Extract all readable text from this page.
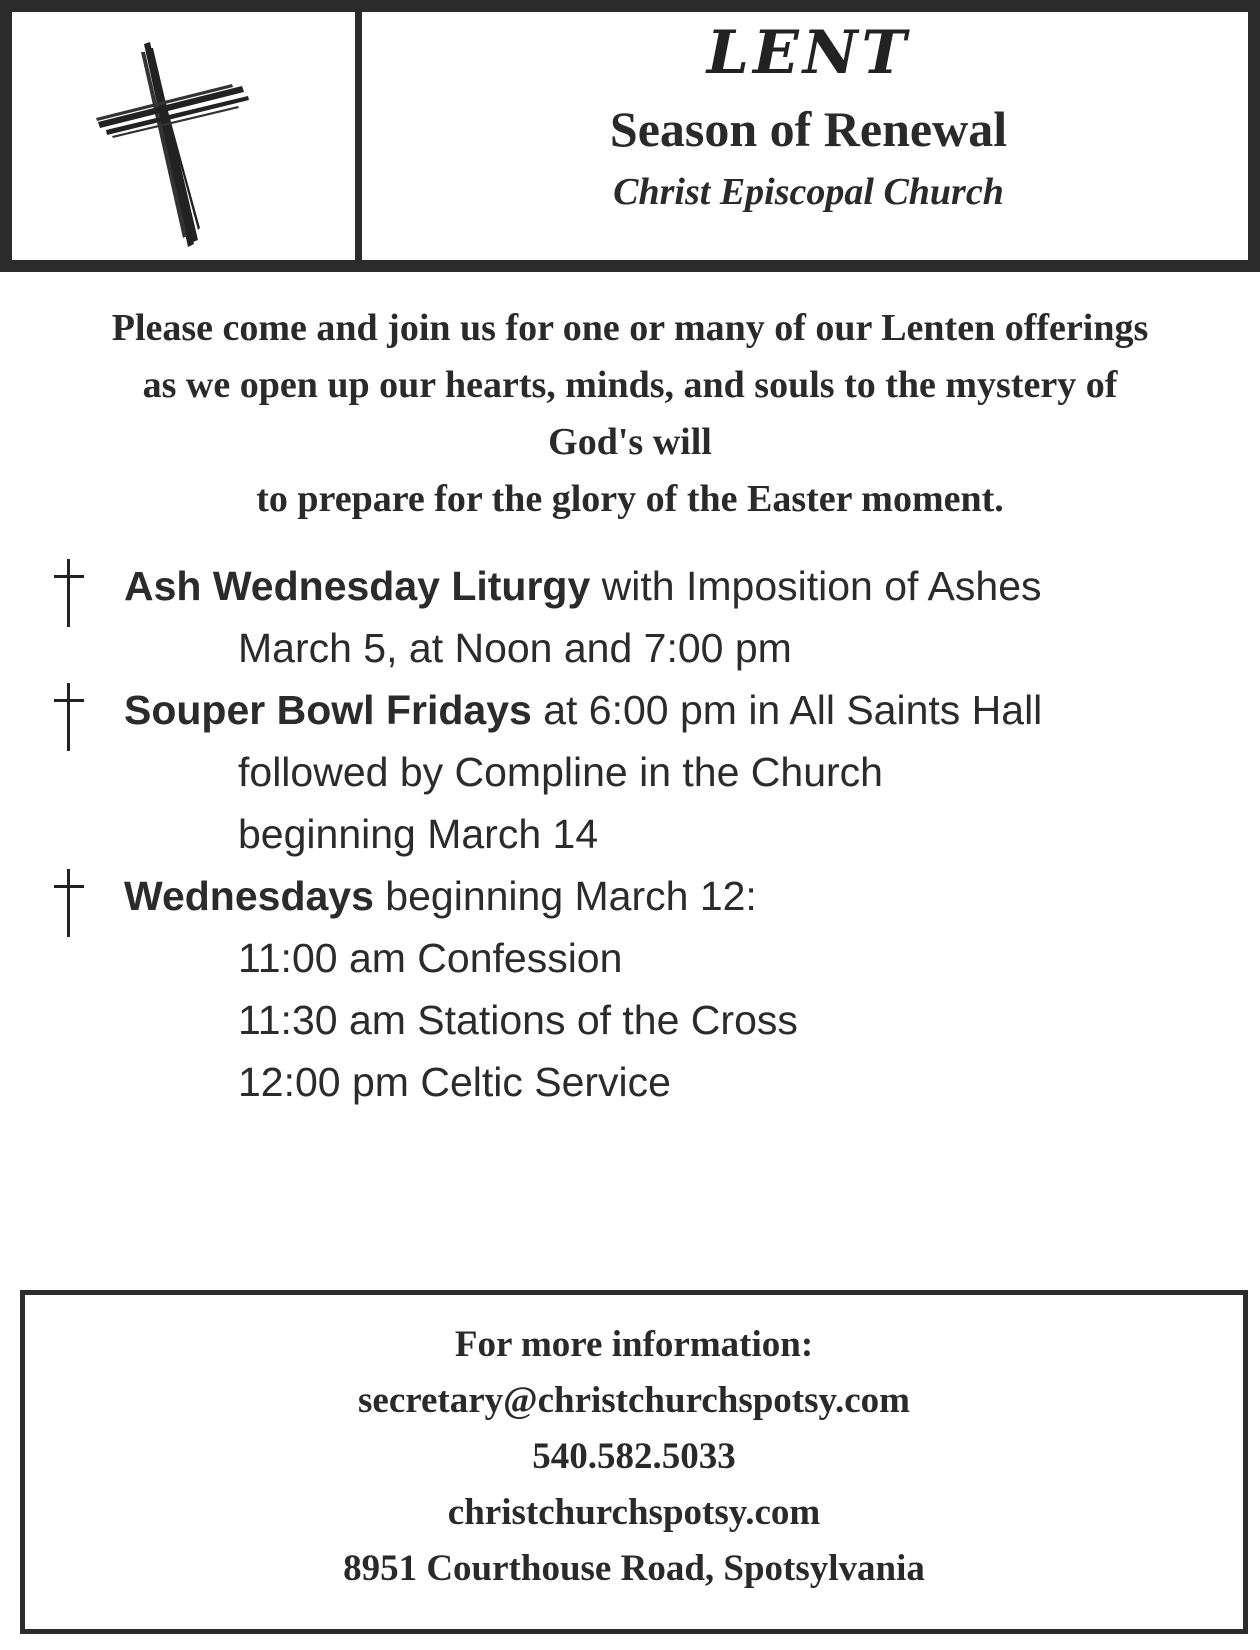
LENT
Season of Renewal
Christ Episcopal Church
Please come and join us for one or many of our Lenten offerings
as we open up our hearts, minds, and souls to the mystery of
God's will
to prepare for the glory of the Easter moment.
Ash Wednesday Liturgy with Imposition of Ashes
March 5, at Noon and 7:00 pm
Souper Bowl Fridays at 6:00 pm in All Saints Hall
followed by Compline in the Church
beginning March 14
Wednesdays beginning March 12:
11:00 am Confession
11:30 am Stations of the Cross
12:00 pm Celtic Service
For more information:
secretary@christchurchspotsy.com
540.582.5033
christchurchspotsy.com
8951 Courthouse Road, Spotsylvania
